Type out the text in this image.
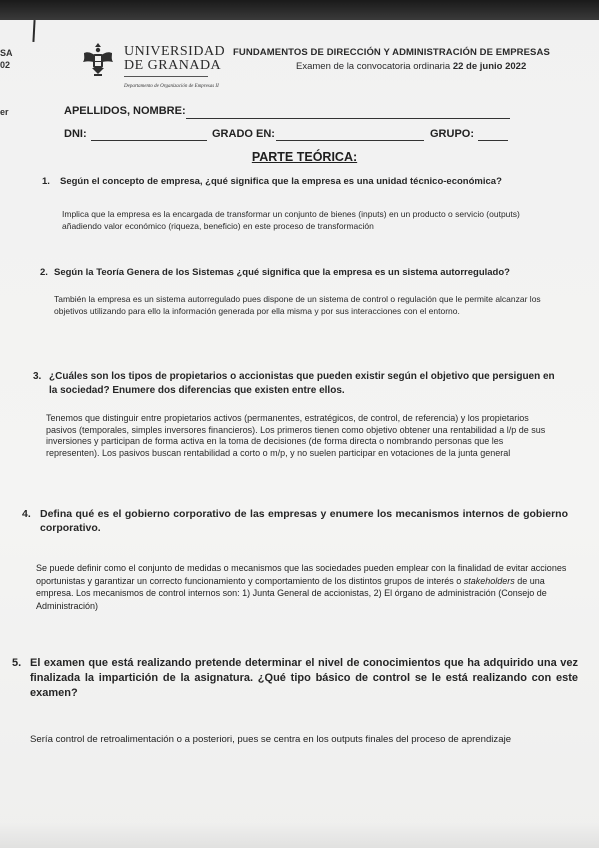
SA
02
er
UNIVERSIDAD
DE GRANADA
Departamento de Organización de Empresas II
FUNDAMENTOS DE DIRECCIÓN Y ADMINISTRACIÓN DE EMPRESAS
Examen de la convocatoria ordinaria 22 de junio 2022
APELLIDOS, NOMBRE:
DNI:	GRADO EN:	GRUPO:
PARTE TEÓRICA:
1.	Según el concepto de empresa, ¿qué significa que la empresa es una unidad técnico-económica?
Implica que la empresa es la encargada de transformar un conjunto de bienes (inputs) en un producto o servicio (outputs) añadiendo valor económico (riqueza, beneficio) en este proceso de transformación
2. Según la Teoría Genera de los Sistemas ¿qué significa que la empresa es un sistema autorregulado?
También la empresa es un sistema autorregulado pues dispone de un sistema de control o regulación que le permite alcanzar los objetivos utilizando para ello la información generada por ella misma y por sus interacciones con el entorno.
3. ¿Cuáles son los tipos de propietarios o accionistas que pueden existir según el objetivo que persiguen en la sociedad? Enumere dos diferencias que existen entre ellos.
Tenemos que distinguir entre propietarios activos (permanentes, estratégicos, de control, de referencia) y los propietarios pasivos (temporales, simples inversores financieros). Los primeros tienen como objetivo obtener una rentabilidad a l/p de sus inversiones y participan de forma activa en la toma de decisiones (de forma directa o nombrando personas que les representen). Los pasivos buscan rentabilidad a corto o m/p, y no suelen participar en votaciones de la junta general
4. Defina qué es el gobierno corporativo de las empresas y enumere los mecanismos internos de gobierno corporativo.
Se puede definir como el conjunto de medidas o mecanismos que las sociedades pueden emplear con la finalidad de evitar acciones oportunistas y garantizar un correcto funcionamiento y comportamiento de los distintos grupos de interés o stakeholders de una empresa. Los mecanismos de control internos son: 1) Junta General de accionistas, 2) El órgano de administración (Consejo de Administración)
5. El examen que está realizando pretende determinar el nivel de conocimientos que ha adquirido una vez finalizada la impartición de la asignatura. ¿Qué tipo básico de control se le está realizando con este examen?
Sería control de retroalimentación o a posteriori, pues se centra en los outputs finales del proceso de aprendizaje
